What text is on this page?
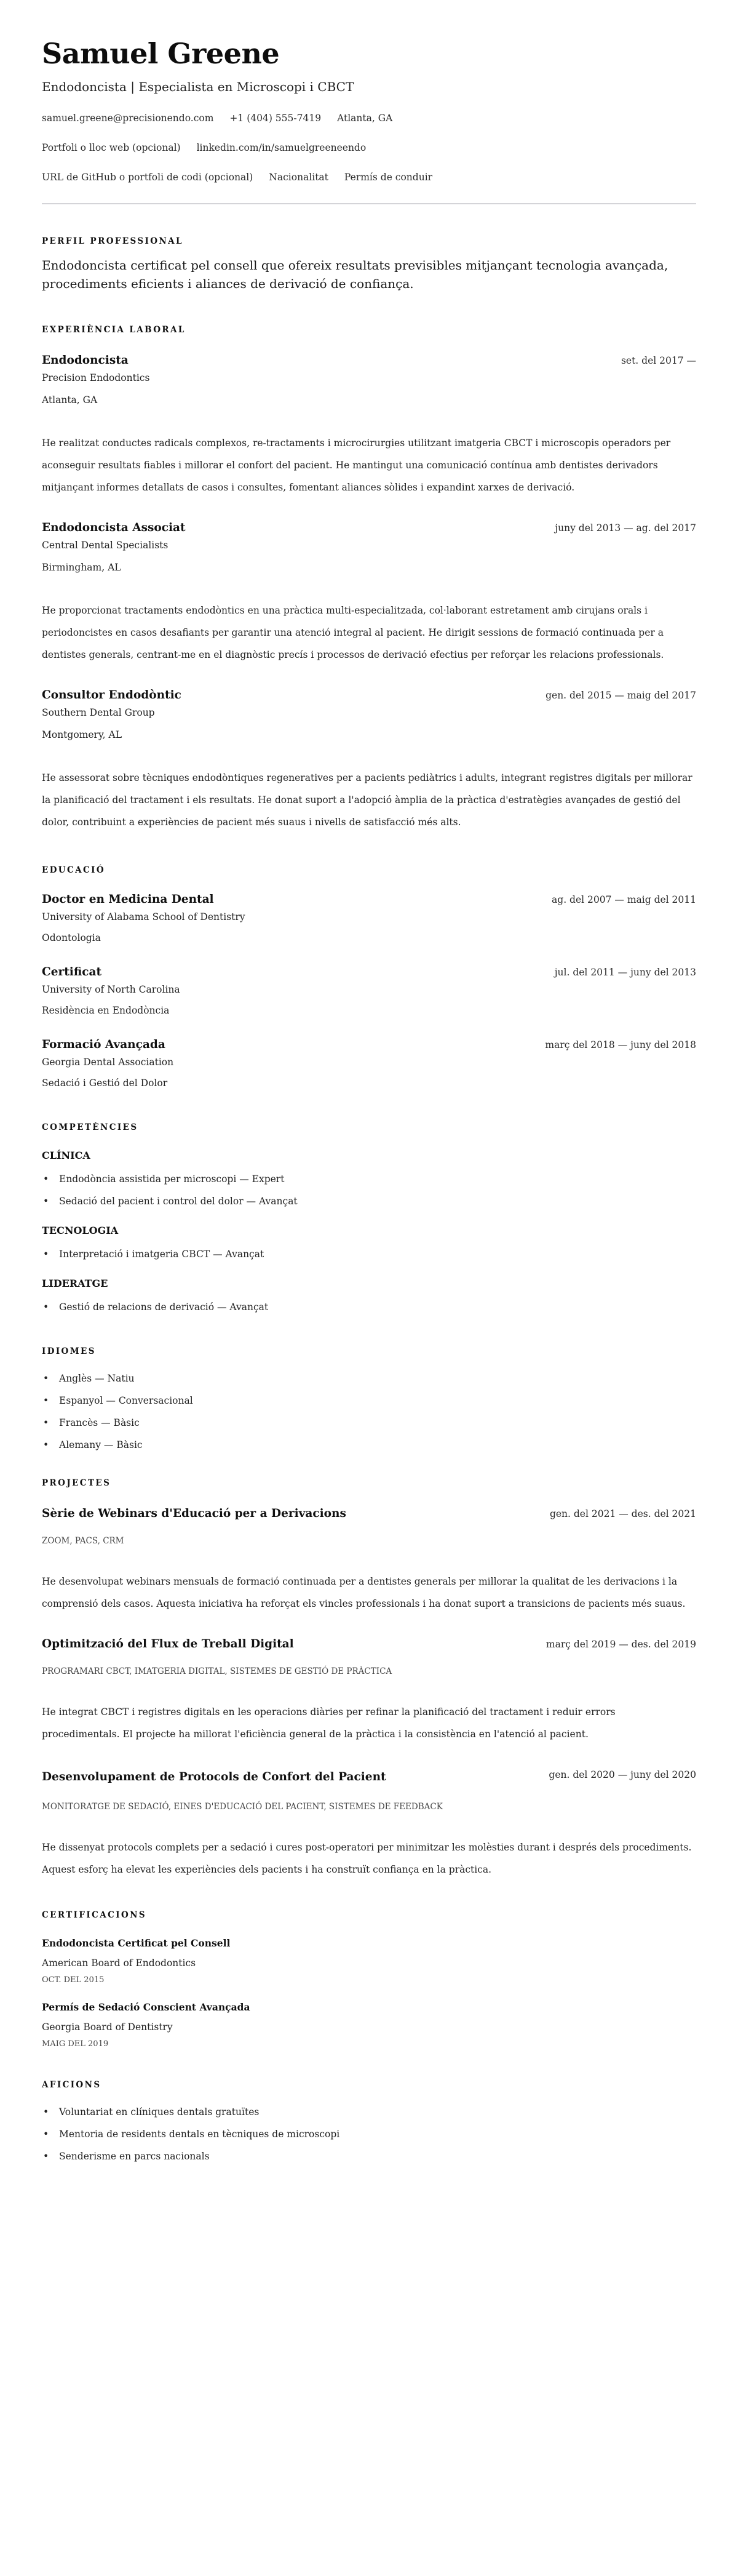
Samuel Greene
Endodoncista | Especialista en Microscopi i CBCT
samuel.greene@precisionendo.com +1 (404) 555-7419 Atlanta, GA
Portfoli o lloc web (opcional) linkedin.com/in/samuelgreeneendo
URL de GitHub o portfoli de codi (opcional) Nacionalitat Permís de conduir
PERFIL PROFESSIONAL

Endodoncista certificat pel consell que ofereix resultats previsibles mitjançant tecnologia avançada, procediments eficients i aliances de derivació de confiança.

EXPERIÈNCIA LABORAL
Endodoncista	set. del 2017 —
Precision Endodontics
Atlanta, GA

He realitzat conductes radicals complexos, re-tractaments i microcirurgies utilitzant imatgeria CBCT i microscopis operadors per aconseguir resultats fiables i millorar el confort del pacient. He mantingut una comunicació contínua amb dentistes derivadors mitjançant informes detallats de casos i consultes, fomentant aliances sòlides i expandint xarxes de derivació.

Endodoncista Associat	juny del 2013 — ag. del 2017
Central Dental Specialists
Birmingham, AL

He proporcionat tractaments endodòntics en una pràctica multi-especialitzada, col·laborant estretament amb cirujans orals i periodoncistes en casos desafiants per garantir una atenció integral al pacient. He dirigit sessions de formació continuada per a dentistes generals, centrant-me en el diagnòstic precís i processos de derivació efectius per reforçar les relacions professionals.

Consultor Endodòntic	gen. del 2015 — maig del 2017
Southern Dental Group
Montgomery, AL

He assessorat sobre tècniques endodòntiques regeneratives per a pacients pediàtrics i adults, integrant registres digitals per millorar la planificació del tractament i els resultats. He donat suport a l'adopció àmplia de la pràctica d'estratègies avançades de gestió del dolor, contribuint a experiències de pacient més suaus i nivells de satisfacció més alts.

EDUCACIÓ
Doctor en Medicina Dental	ag. del 2007 — maig del 2011
University of Alabama School of Dentistry
Odontologia
Certificat	jul. del 2011 — juny del 2013
University of North Carolina
Residència en Endodòncia
Formació Avançada	març del 2018 — juny del 2018
Georgia Dental Association
Sedació i Gestió del Dolor
COMPETÈNCIES
CLÍNICA
• Endodòncia assistida per microscopi — Expert
• Sedació del pacient i control del dolor — Avançat
TECNOLOGIA
• Interpretació i imatgeria CBCT — Avançat
LIDERATGE
• Gestió de relacions de derivació — Avançat
IDIOMES
• Anglès — Natiu
• Espanyol — Conversacional
• Francès — Bàsic
• Alemany — Bàsic
PROJECTES
Sèrie de Webinars d'Educació per a Derivacions	gen. del 2021 — des. del 2021
ZOOM, PACS, CRM

He desenvolupat webinars mensuals de formació continuada per a dentistes generals per millorar la qualitat de les derivacions i la comprensió dels casos. Aquesta iniciativa ha reforçat els vincles professionals i ha donat suport a transicions de pacients més suaus.

Optimització del Flux de Treball Digital	març del 2019 — des. del 2019
PROGRAMARI CBCT, IMATGERIA DIGITAL, SISTEMES DE GESTIÓ DE PRÀCTICA

He integrat CBCT i registres digitals en les operacions diàries per refinar la planificació del tractament i reduir errors procedimentals. El projecte ha millorat l'eficiència general de la pràctica i la consistència en l'atenció al pacient.

Desenvolupament de Protocols de Confort del Pacient	gen. del 2020 — juny del 2020
MONITORATGE DE SEDACIÓ, EINES D'EDUCACIÓ DEL PACIENT, SISTEMES DE FEEDBACK

He dissenyat protocols complets per a sedació i cures post-operatori per minimitzar les molèsties durant i després dels procediments. Aquest esforç ha elevat les experiències dels pacients i ha construït confiança en la pràctica.

CERTIFICACIONS
Endodoncista Certificat pel Consell
American Board of Endodontics
OCT. DEL 2015
Permís de Sedació Conscient Avançada
Georgia Board of Dentistry
MAIG DEL 2019
AFICIONS
• Voluntariat en clíniques dentals gratuïtes
• Mentoria de residents dentals en tècniques de microscopi
• Senderisme en parcs nacionals
